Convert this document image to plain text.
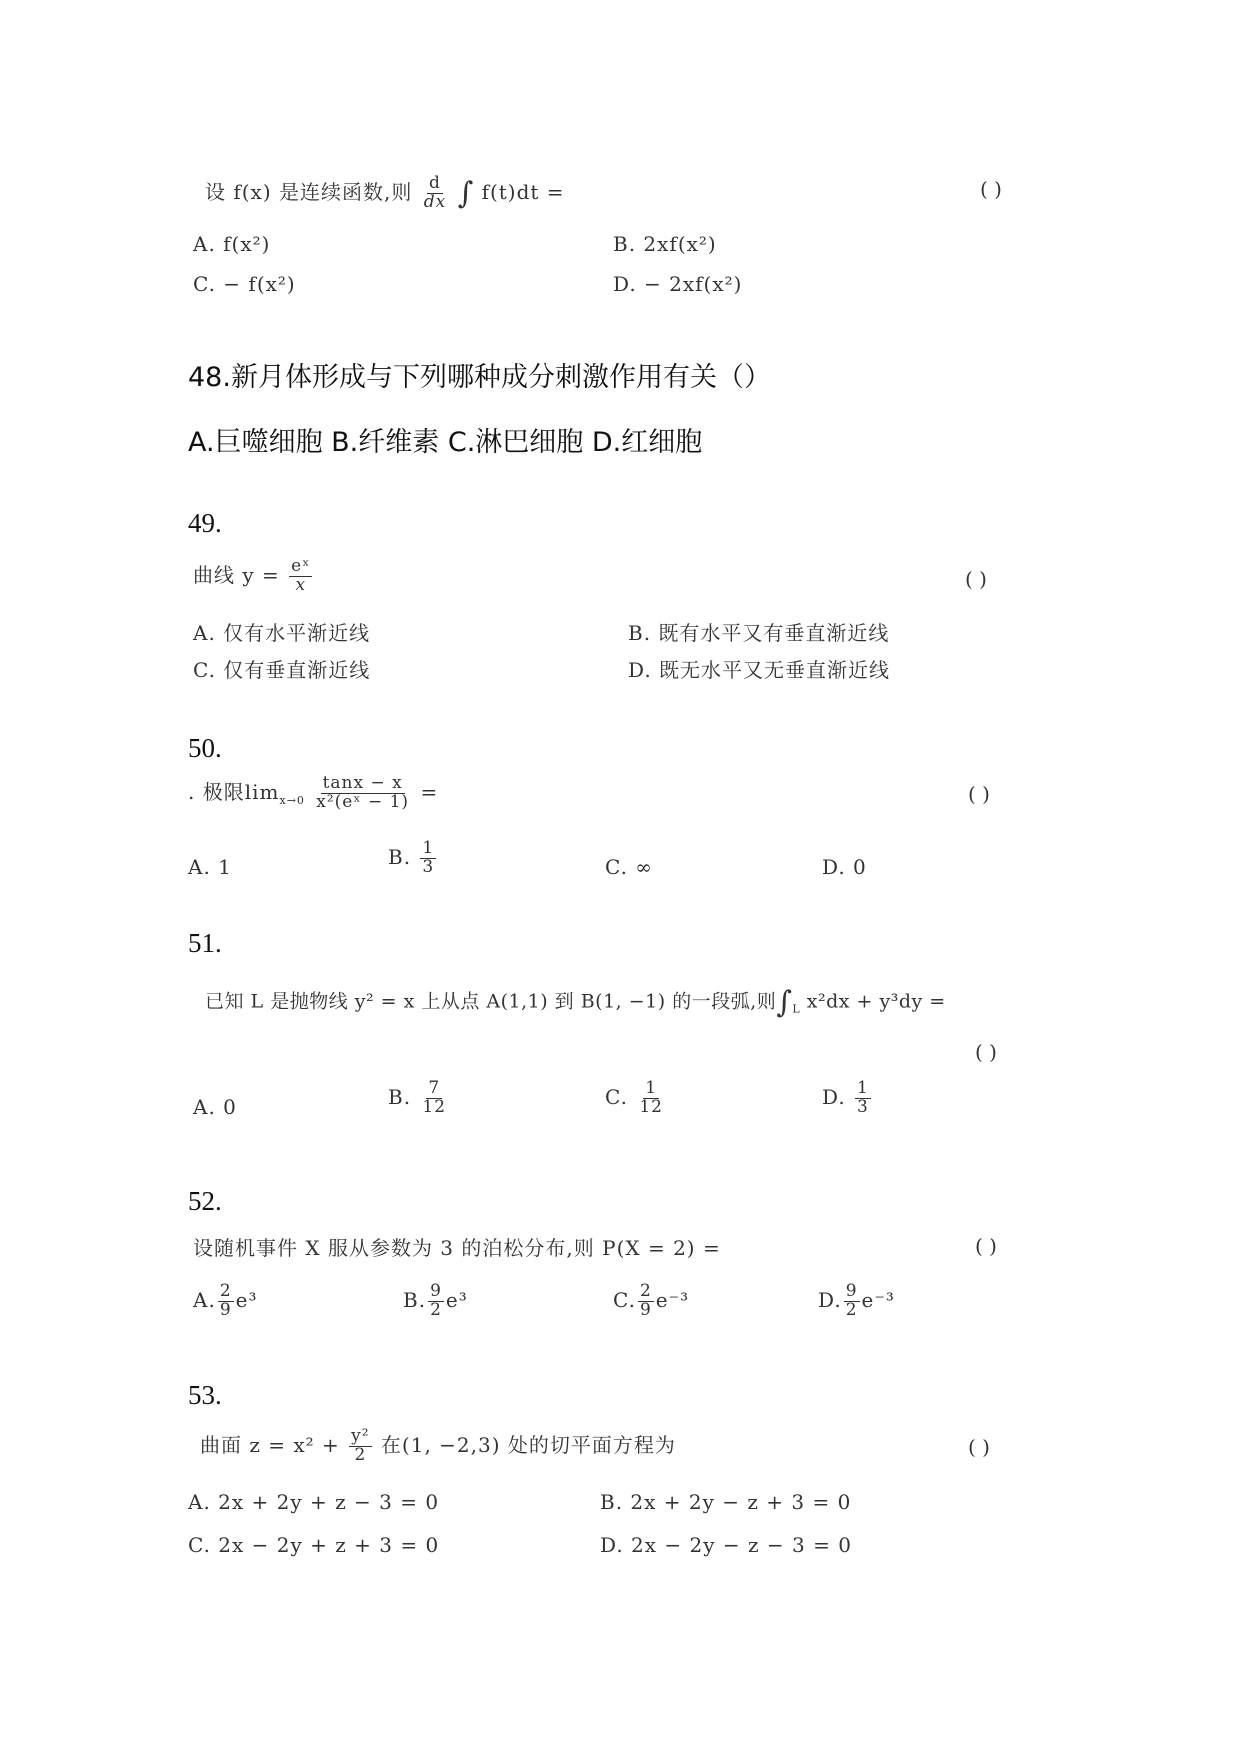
设 f(x) 是连续函数,则 $\frac{d}{dx}$ ∫ f(t)dt =	( )
A. f(x²)	B. 2xf(x²)
C. − f(x²)	D. − 2xf(x²)
48.新月体形成与下列哪种成分刺激作用有关（）
A.巨噬细胞 B.纤维素 C.淋巴细胞 D.红细胞
49.
曲线 $y = \frac{\text{eˣ}}{x}$	( )
A. 仅有水平渐近线	B. 既有水平又有垂直渐近线
C. 仅有垂直渐近线	D. 既无水平又无垂直渐近线
50.
. 极限$\lim_{x\to 0} \frac{\tan x - x}{\text{x²(eˣ − 1)}}$ =	( )
A. 1	B. $\frac{1}{3}$	C. ∞	D. 0
51.
已知 L 是抛物线 y² = x 上从点 A(1,1) 到 B(1, −1) 的一段弧,则$\int_L$ x²dx + y³dy =
( )
A. 0	B. $\frac{7}{12}$	C. $\frac{1}{12}$	D. $\frac{1}{3}$
52.
设随机事件 X 服从参数为 3 的泊松分布,则 P(X = 2) =	( )
A. $\frac{2}{9} e^3$	B. $\frac{9}{2} e^3$	C. $\frac{2}{9} e^{-3}$	D. $\frac{9}{2} e^{-3}$
53.
曲面 $z = x^2 + \frac{\text{y²}}{2}$ 在(1, −2,3) 处的切平面方程为	( )
A. 2x + 2y + z − 3 = 0	B. 2x + 2y − z + 3 = 0
C. 2x − 2y + z + 3 = 0	D. 2x − 2y − z − 3 = 0
